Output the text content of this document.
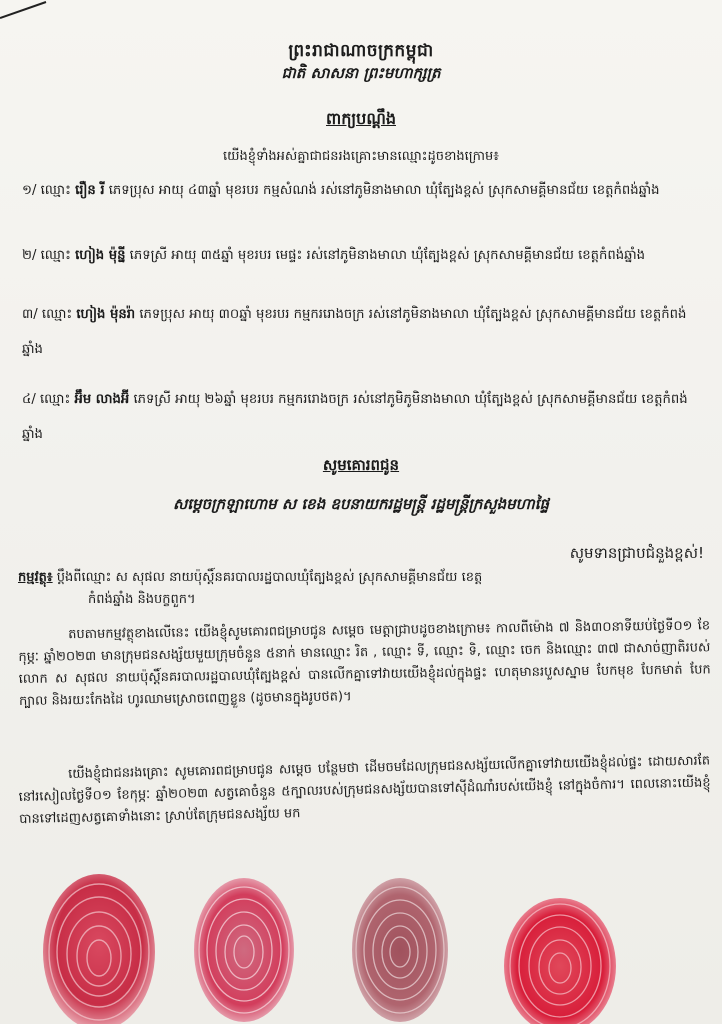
ព្រះរាជាណាចក្រកម្ពុជា
ជាតិ សាសនា ព្រះមហាក្សត្រ
ពាក្យបណ្តឹង
យើងខ្ញុំទាំងអស់គ្នាជាជនរងគ្រោះមានឈ្មោះដូចខាងក្រោម៖
១/ ឈ្មោះ រឿន រី ភេទប្រុស អាយុ ៤៣ឆ្នាំ មុខរបរ កម្មសំណង់ រស់នៅភូមិនាងមាលា ឃុំត្បែងខ្ពស់ ស្រុកសាមគ្គីមានជ័យ ខេត្តកំពង់ឆ្នាំង
២/ ឈ្មោះ ហៀង ម៉ុន្នី ភេទស្រី អាយុ ៣៥ឆ្នាំ មុខរបរ មេផ្ទះ រស់នៅភូមិនាងមាលា ឃុំត្បែងខ្ពស់ ស្រុកសាមគ្គីមានជ័យ ខេត្តកំពង់ឆ្នាំង
៣/ ឈ្មោះ ហៀង ម៉ុនរ៉ា ភេទប្រុស អាយុ ៣០ឆ្នាំ មុខរបរ កម្មកររោងចក្រ រស់នៅភូមិនាងមាលា ឃុំត្បែងខ្ពស់ ស្រុកសាមគ្គីមានជ័យ ខេត្តកំពង់ឆ្នាំង
៤/ ឈ្មោះ អ៊ឹម លាងអ៊ី ភេទស្រី អាយុ ២៦ឆ្នាំ មុខរបរ កម្មកររោងចក្រ រស់នៅភូមិភូមិនាងមាលា ឃុំត្បែងខ្ពស់ ស្រុកសាមគ្គីមានជ័យ ខេត្តកំពង់ឆ្នាំង
សូមគោរពជូន
សម្តេចក្រឡាហោម ស ខេង ឧបនាយករដ្ឋមន្ត្រី រដ្ឋមន្ត្រីក្រសួងមហាផ្ទៃ
សូមទានជ្រាបជំនួងខ្ពស់!
កម្មវត្ថុ៖ ប្តឹងពីឈ្មោះ ស សុផល នាយប៉ុស្តិ៍នគរបាលរដ្ឋបាលឃុំត្បែងខ្ពស់ ស្រុកសាមគ្គីមានជ័យ ខេត្ត
កំពង់ឆ្នាំង និងបក្ខពួក។
តបតាមកម្មវត្ថុខាងលើនេះ យើងខ្ញុំសូមគោរពជម្រាបជូន សម្តេច មេត្តាជ្រាបដូចខាងក្រោម៖ កាលពីម៉ោង ៧ និង៣០នាទីយប់ថ្ងៃទី០១ ខែកុម្ភៈ ឆ្នាំ២០២៣ មានក្រុមជនសង្ស័យមួយក្រុមចំនួន ៥នាក់ មានឈ្មោះ រិត , ឈ្មោះ ទី, ឈ្មោះ ទិ, ឈ្មោះ ចេក និងឈ្មោះ ៣៧ ជាសាច់ញាតិរបស់លោក ស សុផល នាយប៉ុស្តិ៍នគរបាលរដ្ឋបាលឃុំត្បែងខ្ពស់ បានលើកគ្នាទៅវាយយើងខ្ញុំដល់ក្នុងផ្ទះ ហេតុមានរបួសស្នាម បែកមុខ បែកមាត់ បែកក្បាល និងរយះកែងដៃ ហូរឈាមស្រោចពេញខ្លួន (ដូចមានក្នុងរូបថត)។
យើងខ្ញុំជាជនរងគ្រោះ សូមគោរពជម្រាបជូន សម្តេច បន្ថែមថា ដើមចមដែលក្រុមជនសង្ស័យលើកគ្នាទៅវាយយើងខ្ញុំដល់ផ្ទះ ដោយសារតែ នៅរសៀលថ្ងៃទី០១ ខែកុម្ភៈ ឆ្នាំ២០២៣ សត្វគោចំនួន ៥ក្បាលរបស់ក្រុមជនសង្ស័យបានទៅស៊ីដំណាំរបស់យើងខ្ញុំ នៅក្នុងចំការ។ ពេលនោះយើងខ្ញុំ បានទៅដេញសត្វគោទាំងនោះ ស្រាប់តែក្រុមជនសង្ស័យ មក
